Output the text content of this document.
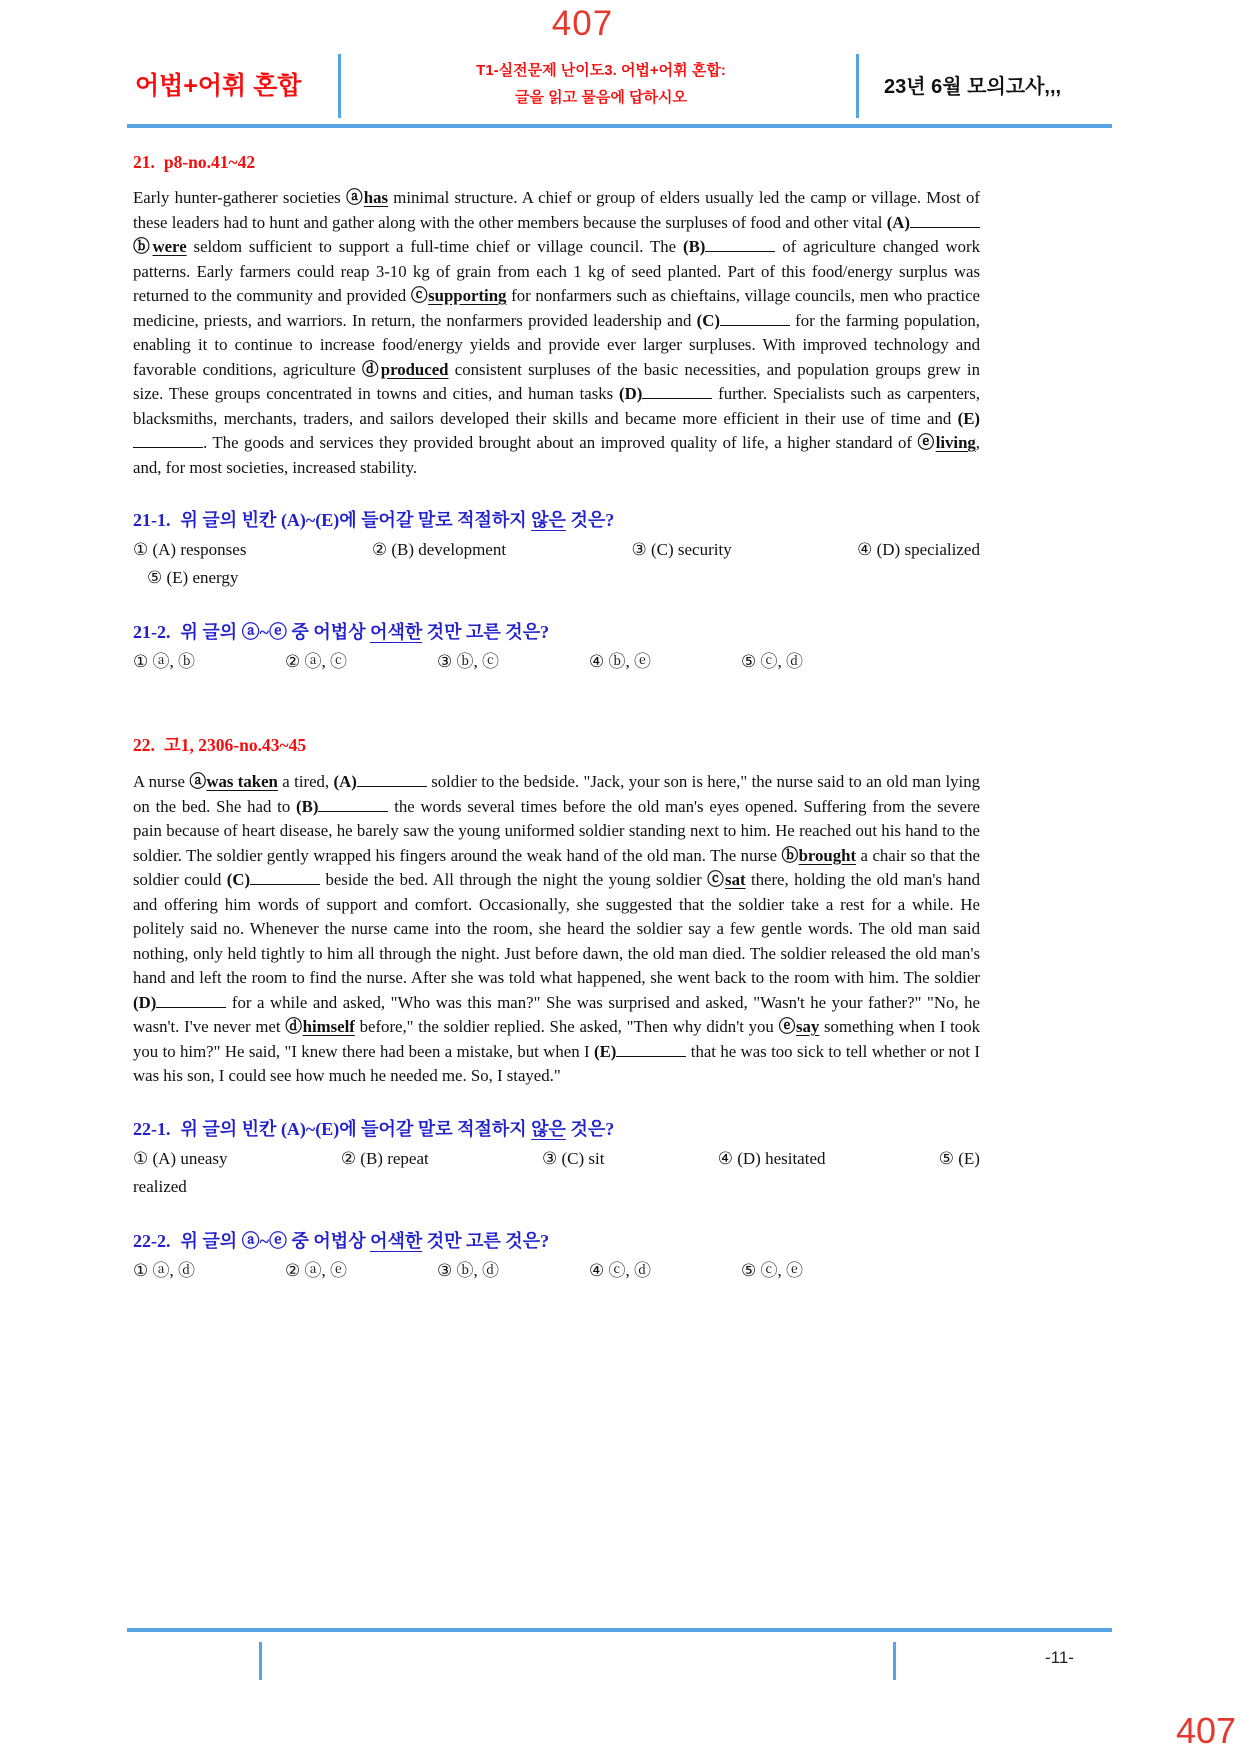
407
어법+어휘 혼합
T1-실전문제 난이도3. 어법+어휘 혼합:
글을 읽고 물음에 답하시오	23년 6월 모의고사,,,
21. p8-no.41~42

Early hunter-gatherer societies ⓐhas minimal structure. A chief or group of elders usually led the camp or village. Most of these leaders had to hunt and gather along with the other members because the surpluses of food and other vital (A) ⓑwere seldom sufficient to support a full-time chief or village council. The (B)	of agriculture changed work patterns. Early farmers could reap 3-10 kg of grain from each 1 kg of seed planted. Part of this food/energy surplus was returned to the community and provided ⓒsupporting for nonfarmers such as chieftains, village councils, men who practice medicine, priests, and warriors. In return, the nonfarmers provided leadership and (C)	for the farming population, enabling it to continue to increase food/energy yields and provide ever larger surpluses. With improved technology and favorable conditions, agriculture ⓓproduced consistent surpluses of the basic necessities, and population groups grew in size. These groups concentrated in towns and cities, and human tasks (D)	further. Specialists such as carpenters, blacksmiths, merchants, traders, and sailors developed their skills and became more efficient in their use of time and (E). The goods and services they provided brought about an improved quality of life, a higher standard of ⓔliving, and, for most societies, increased stability.

21-1. 위 글의 빈칸 (A)~(E)에 들어갈 말로 적절하지 않은 것은?
① (A) responses	② (B) development	③ (C) security	④ (D) specialized
⑤ (E) energy
21-2. 위 글의 ⓐ~ⓔ 중 어법상 어색한 것만 고른 것은?
① ⓐ, ⓑ	② ⓐ, ⓒ	③ ⓑ, ⓒ	④ ⓑ, ⓔ	⑤ ⓒ, ⓓ
22. 고1, 2306-no.43~45

A nurse ⓐwas taken a tired, (A)	soldier to the bedside. "Jack, your son is here," the nurse said to an old man lying on the bed. She had to (B)	the words several times before the old man's eyes opened. Suffering from the severe pain because of heart disease, he barely saw the young uniformed soldier standing next to him. He reached out his hand to the soldier. The soldier gently wrapped his fingers around the weak hand of the old man. The nurse ⓑbrought a chair so that the soldier could (C)	beside the bed. All through the night the young soldier ⓒsat there, holding the old man's hand and offering him words of support and comfort. Occasionally, she suggested that the soldier take a rest for a while. He politely said no. Whenever the nurse came into the room, she heard the soldier say a few gentle words. The old man said nothing, only held tightly to him all through the night. Just before dawn, the old man died. The soldier released the old man's hand and left the room to find the nurse. After she was told what happened, she went back to the room with him. The soldier (D)	for a while and asked, "Who was this man?" She was surprised and asked, "Wasn't he your father?" "No, he wasn't. I've never met ⓓhimself before," the soldier replied. She asked, "Then why didn't you ⓔsay something when I took you to him?" He said, "I knew there had been a mistake, but when I (E)	that he was too sick to tell whether or not I was his son, I could see how much he needed me. So, I stayed."

22-1. 위 글의 빈칸 (A)~(E)에 들어갈 말로 적절하지 않은 것은?
① (A) uneasy	② (B) repeat	③ (C) sit	④ (D) hesitated	⑤ (E)
realized
22-2. 위 글의 ⓐ~ⓔ 중 어법상 어색한 것만 고른 것은?
① ⓐ, ⓓ	② ⓐ, ⓔ	③ ⓑ, ⓓ	④ ⓒ, ⓓ	⑤ ⓒ, ⓔ
-11-
407
